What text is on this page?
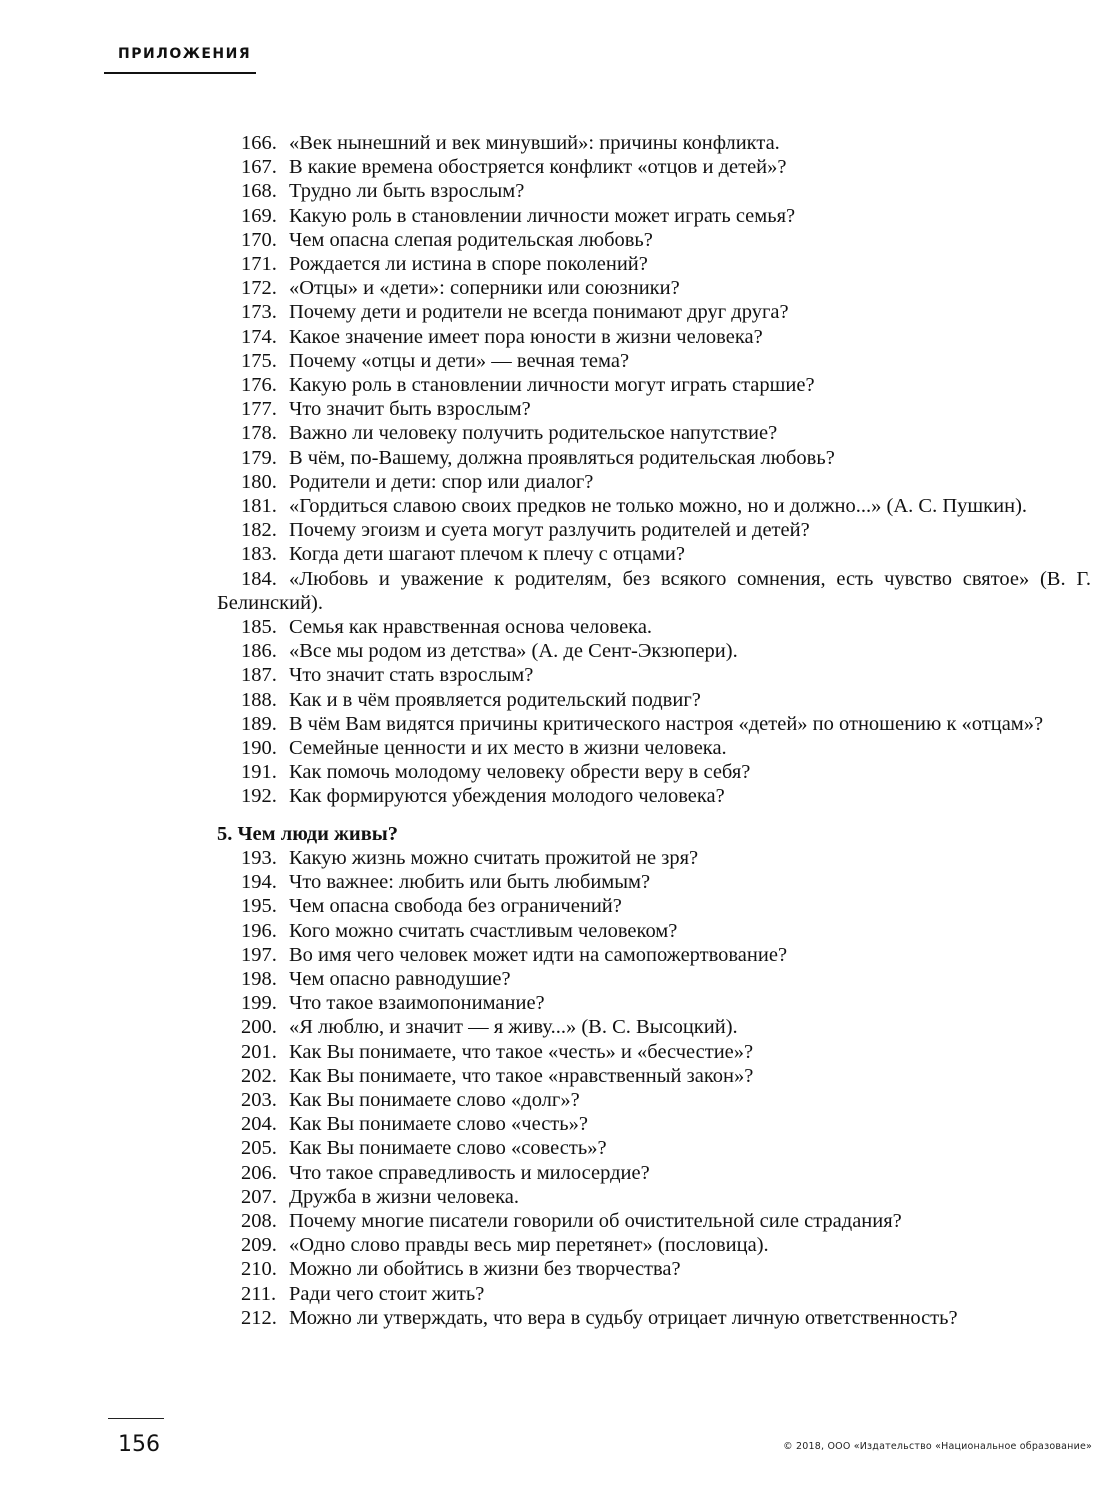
ПРИЛОЖЕНИЯ

166. «Век нынешний и век минувший»: причины конфликта.

167. В какие времена обостряется конфликт «отцов и детей»?

168. Трудно ли быть взрослым?

169. Какую роль в становлении личности может играть семья?

170. Чем опасна слепая родительская любовь?

171. Рождается ли истина в споре поколений?

172. «Отцы» и «дети»: соперники или союзники?

173. Почему дети и родители не всегда понимают друг друга?

174. Какое значение имеет пора юности в жизни человека?

175. Почему «отцы и дети» — вечная тема?

176. Какую роль в становлении личности могут играть старшие?

177. Что значит быть взрослым?

178. Важно ли человеку получить родительское напутствие?

179. В чём, по-Вашему, должна проявляться родительская любовь?

180. Родители и дети: спор или диалог?

181. «Гордиться славою своих предков не только можно, но и должно...» (А. С. Пушкин).

182. Почему эгоизм и суета могут разлучить родителей и детей?

183. Когда дети шагают плечом к плечу с отцами?

184. «Любовь и уважение к родителям, без всякого сомнения, есть чувство святое» (В. Г. Белинский).

185. Семья как нравственная основа человека.

186. «Все мы родом из детства» (А. де Сент-Экзюпери).

187. Что значит стать взрослым?

188. Как и в чём проявляется родительский подвиг?

189. В чём Вам видятся причины критического настроя «детей» по отношению к «отцам»?

190. Семейные ценности и их место в жизни человека.

191. Как помочь молодому человеку обрести веру в себя?

192. Как формируются убеждения молодого человека?

5. Чем люди живы?

193. Какую жизнь можно считать прожитой не зря?

194. Что важнее: любить или быть любимым?

195. Чем опасна свобода без ограничений?

196. Кого можно считать счастливым человеком?

197. Во имя чего человек может идти на самопожертвование?

198. Чем опасно равнодушие?

199. Что такое взаимопонимание?

200. «Я люблю, и значит — я живу...» (В. С. Высоцкий).

201. Как Вы понимаете, что такое «честь» и «бесчестие»?

202. Как Вы понимаете, что такое «нравственный закон»?

203. Как Вы понимаете слово «долг»?

204. Как Вы понимаете слово «честь»?

205. Как Вы понимаете слово «совесть»?

206. Что такое справедливость и милосердие?

207. Дружба в жизни человека.

208. Почему многие писатели говорили об очистительной силе страдания?

209. «Одно слово правды весь мир перетянет» (пословица).

210. Можно ли обойтись в жизни без творчества?

211. Ради чего стоит жить?

212. Можно ли утверждать, что вера в судьбу отрицает личную ответственность?

156	© 2018, ООО «Издательство «Национальное образование»
